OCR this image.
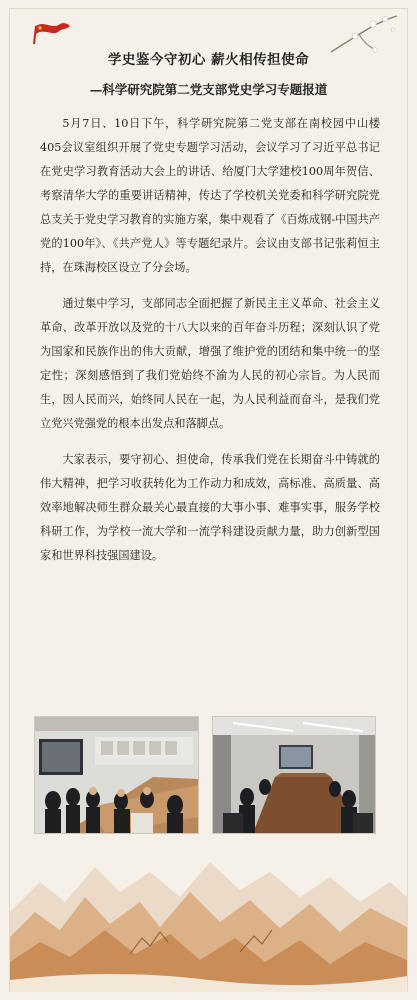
学史鉴今守初心 薪火相传担使命
—科学研究院第二党支部党史学习专题报道

5月7日、10日下午，科学研究院第二党支部在南校园中山楼405会议室组织开展了党史专题学习活动，会议学习了习近平总书记在党史学习教育活动大会上的讲话、给厦门大学建校100周年贺信、考察清华大学的重要讲话精神，传达了学校机关党委和科学研究院党总支关于党史学习教育的实施方案，集中观看了《百炼成钢-中国共产党的100年》、《共产党人》等专题纪录片。会议由支部书记张莉恒主持，在珠海校区设立了分会场。

通过集中学习，支部同志全面把握了新民主主义革命、社会主义革命、改革开放以及党的十八大以来的百年奋斗历程；深刻认识了党为国家和民族作出的伟大贡献，增强了维护党的团结和集中统一的坚定性；深刻感悟到了我们党始终不渝为人民的初心宗旨。为人民而生，因人民而兴，始终同人民在一起，为人民利益而奋斗，是我们党立党兴党强党的根本出发点和落脚点。

大家表示，要守初心、担使命，传承我们党在长期奋斗中铸就的伟大精神，把学习收获转化为工作动力和成效，高标准、高质量、高效率地解决师生群众最关心最直接的大事小事、难事实事，服务学校科研工作，为学校一流大学和一流学科建设贡献力量，助力创新型国家和世界科技强国建设。
